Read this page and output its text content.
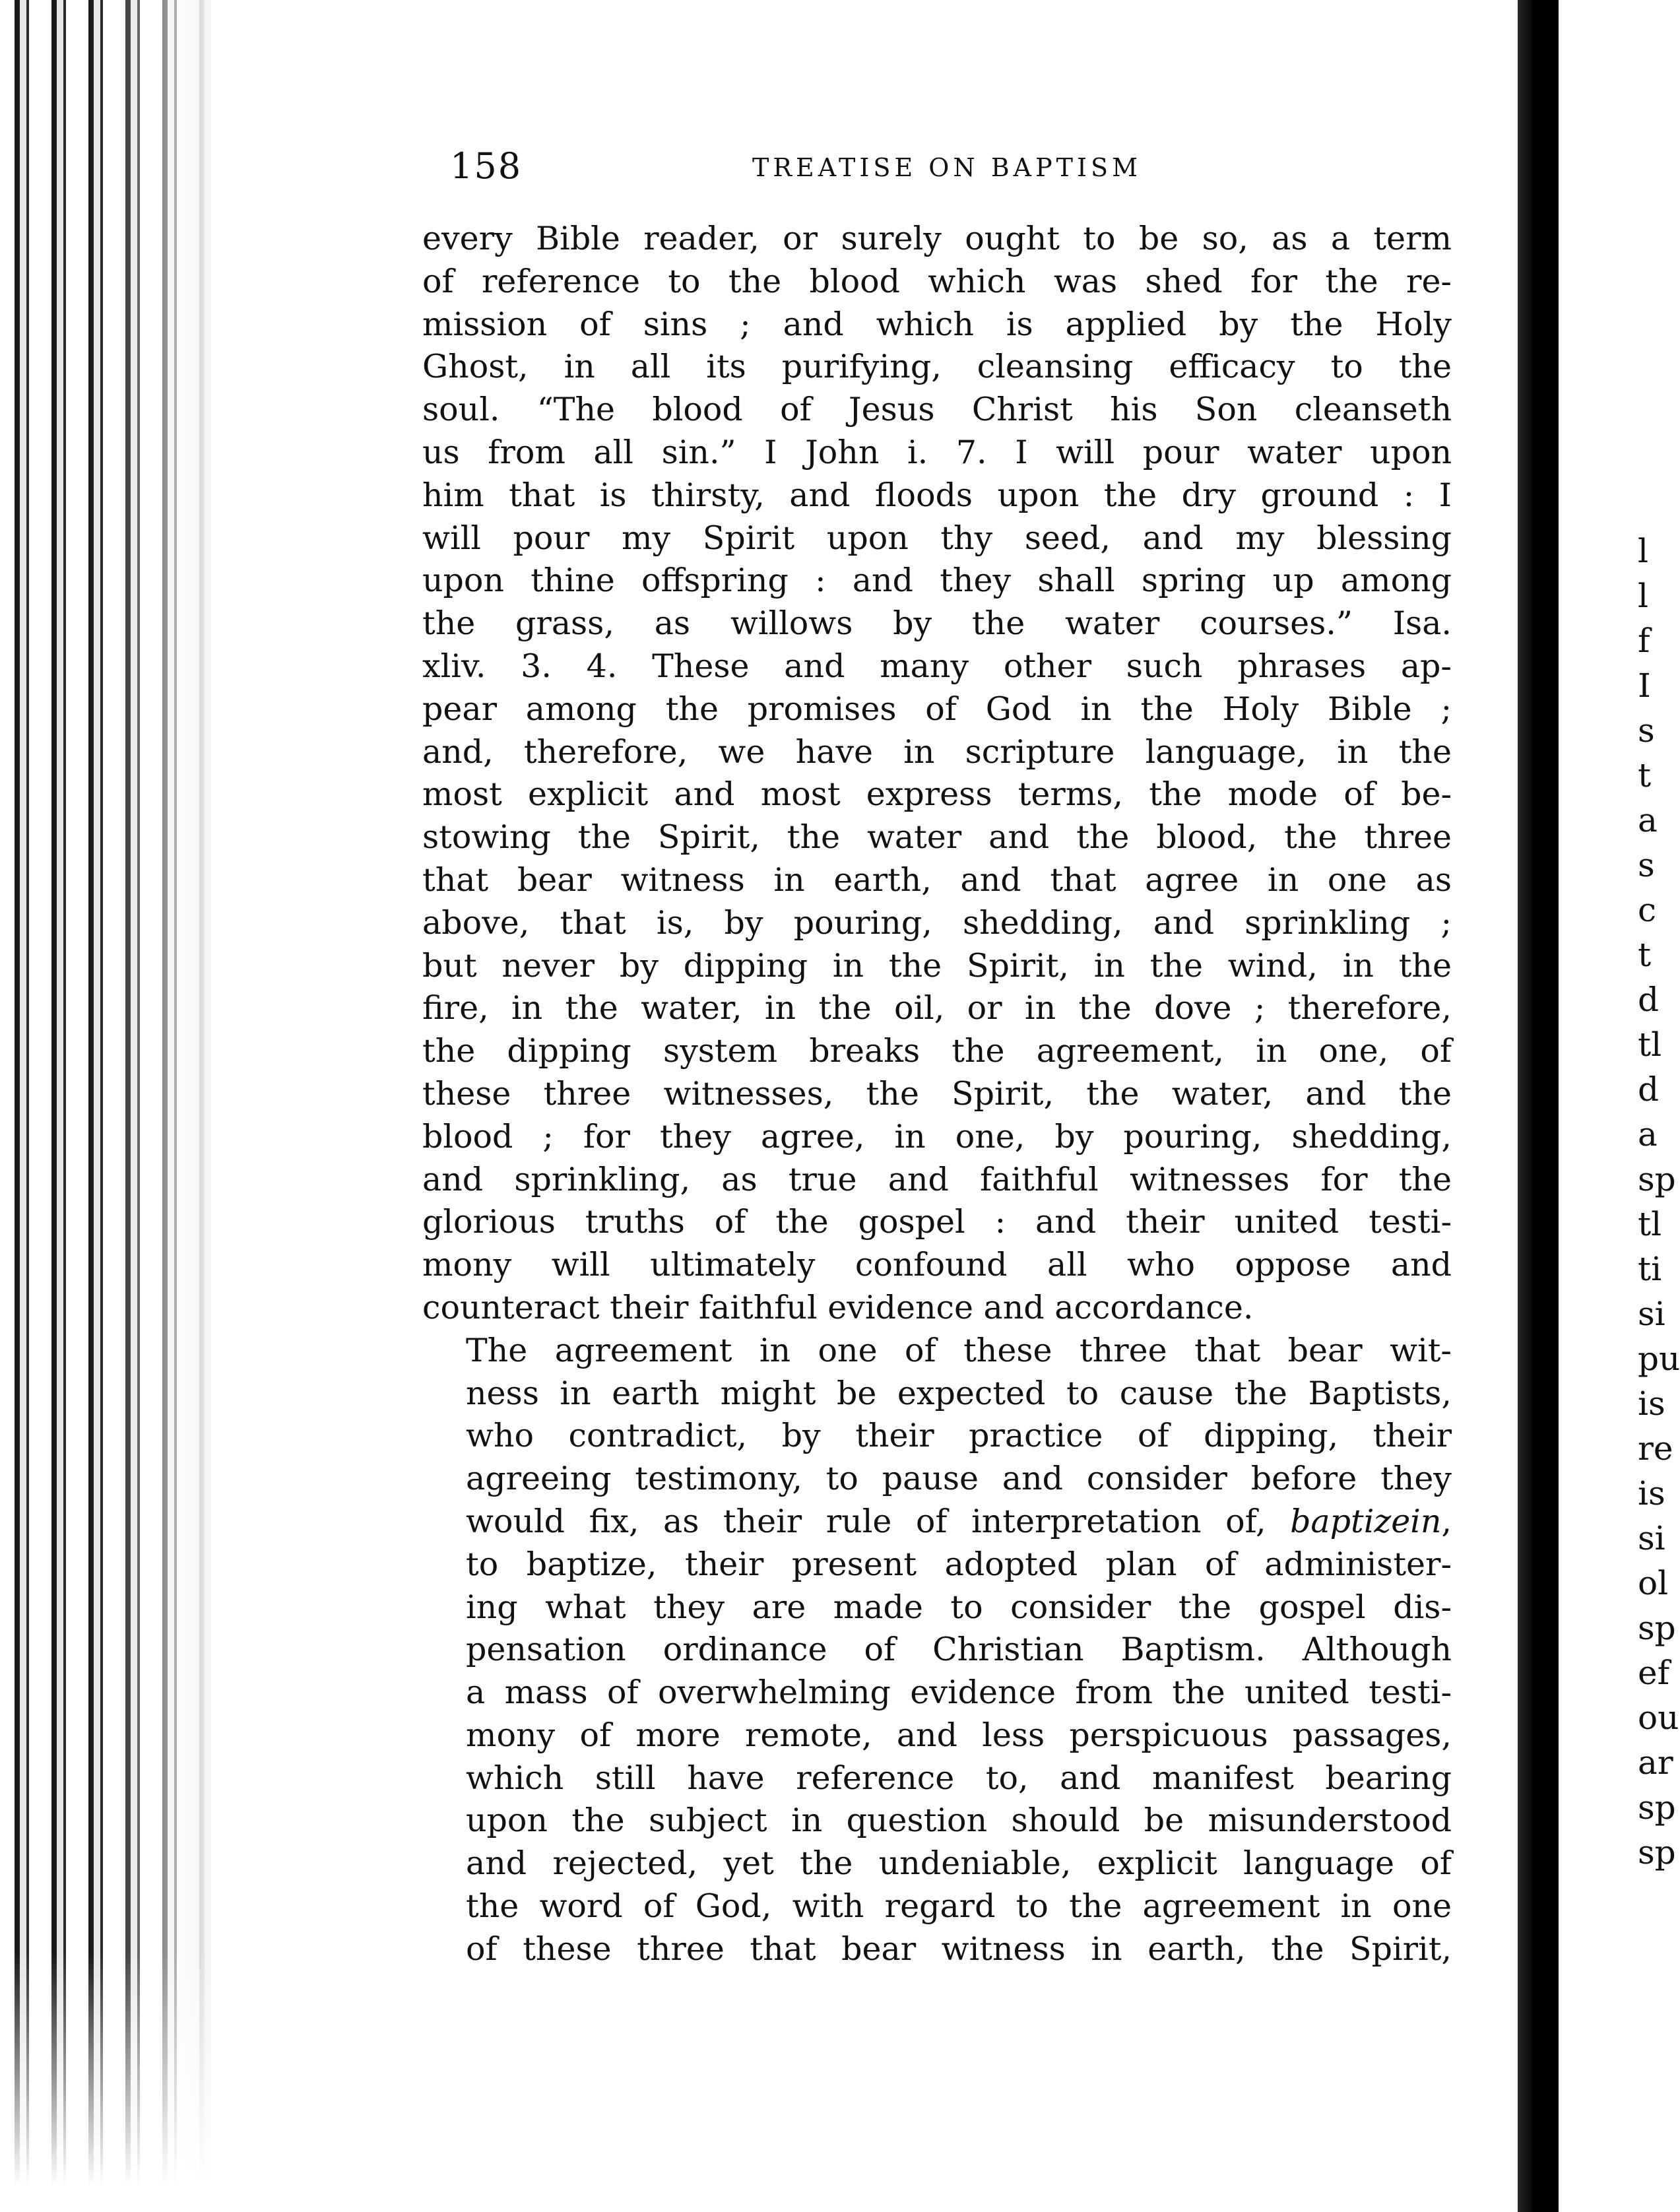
158	TREATISE ON BAPTISM
every Bible reader, or surely ought to be so, as a term
of reference to the blood which was shed for the re-
mission of sins ; and which is applied by the Holy
Ghost, in all its purifying, cleansing efficacy to the
soul. “The blood of Jesus Christ his Son cleanseth
us from all sin.” I John i. 7. I will pour water upon
him that is thirsty, and floods upon the dry ground : I
will pour my Spirit upon thy seed, and my blessing
upon thine offspring : and they shall spring up among
the grass, as willows by the water courses.” Isa.
xliv. 3. 4. These and many other such phrases ap-
pear among the promises of God in the Holy Bible ;
and, therefore, we have in scripture language, in the
most explicit and most express terms, the mode of be-
stowing the Spirit, the water and the blood, the three
that bear witness in earth, and that agree in one as
above, that is, by pouring, shedding, and sprinkling ;
but never by dipping in the Spirit, in the wind, in the
fire, in the water, in the oil, or in the dove ; therefore,
the dipping system breaks the agreement, in one, of
these three witnesses, the Spirit, the water, and the
blood ; for they agree, in one, by pouring, shedding,
and sprinkling, as true and faithful witnesses for the
glorious truths of the gospel : and their united testi-
mony will ultimately confound all who oppose and
counteract their faithful evidence and accordance.
The agreement in one of these three that bear wit-
ness in earth might be expected to cause the Baptists,
who contradict, by their practice of dipping, their
agreeing testimony, to pause and consider before they
would fix, as their rule of interpretation of, baptizein,
to baptize, their present adopted plan of administer-
ing what they are made to consider the gospel dis-
pensation ordinance of Christian Baptism. Although
a mass of overwhelming evidence from the united testi-
mony of more remote, and less perspicuous passages,
which still have reference to, and manifest bearing
upon the subject in question should be misunderstood
and rejected, yet the undeniable, explicit language of
the word of God, with regard to the agreement in one
of these three that bear witness in earth, the Spirit,
l
l
f
I
s
t
a
s
c
t
d
tl
d
a
sp
tl
ti
si
pu
is
re
is
si
ol
sp
ef
ou
ar
sp
sp
